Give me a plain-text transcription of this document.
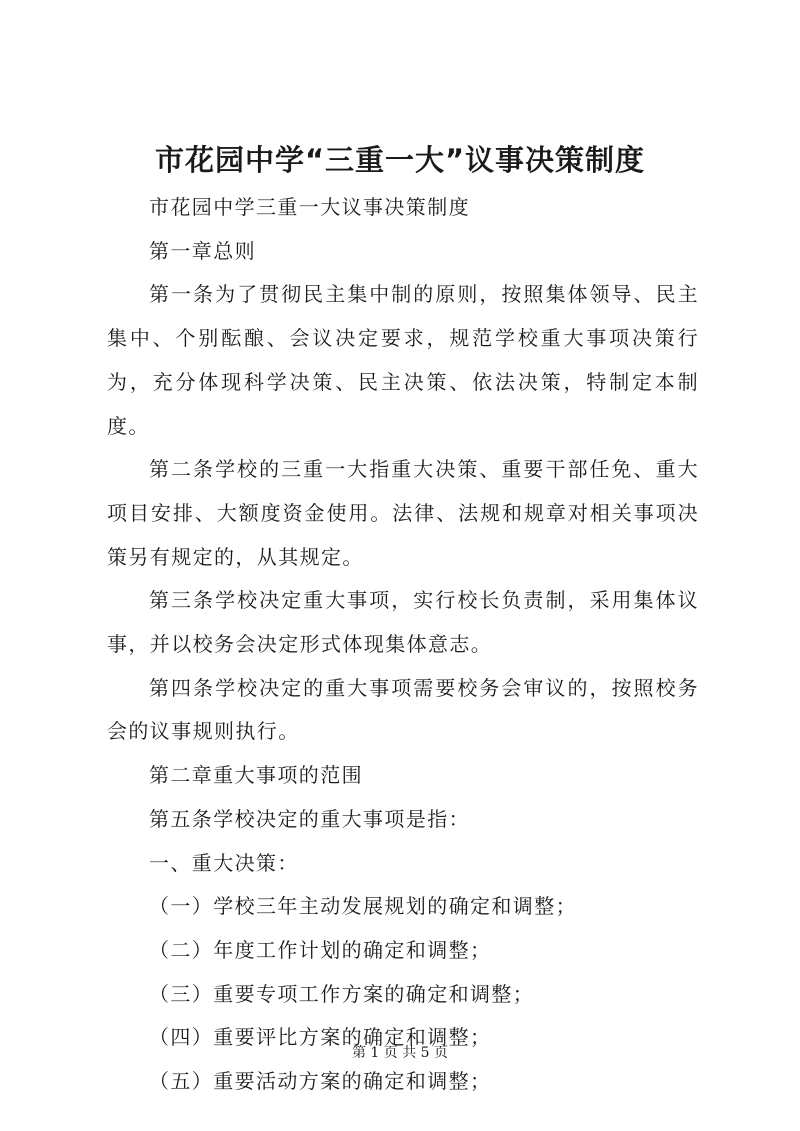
市花园中学“三重一大”议事决策制度

市花园中学三重一大议事决策制度

第一章总则

第一条为了贯彻民主集中制的原则，按照集体领导、民主集中、个别酝酿、会议决定要求，规范学校重大事项决策行为，充分体现科学决策、民主决策、依法决策，特制定本制度。

第二条学校的三重一大指重大决策、重要干部任免、重大项目安排、大额度资金使用。法律、法规和规章对相关事项决策另有规定的，从其规定。

第三条学校决定重大事项，实行校长负责制，采用集体议事，并以校务会决定形式体现集体意志。

第四条学校决定的重大事项需要校务会审议的，按照校务会的议事规则执行。

第二章重大事项的范围

第五条学校决定的重大事项是指：

一、重大决策：

（一）学校三年主动发展规划的确定和调整；

（二）年度工作计划的确定和调整；

（三）重要专项工作方案的确定和调整；

（四）重要评比方案的确定和调整；

（五）重要活动方案的确定和调整；

第 1 页 共 5 页
